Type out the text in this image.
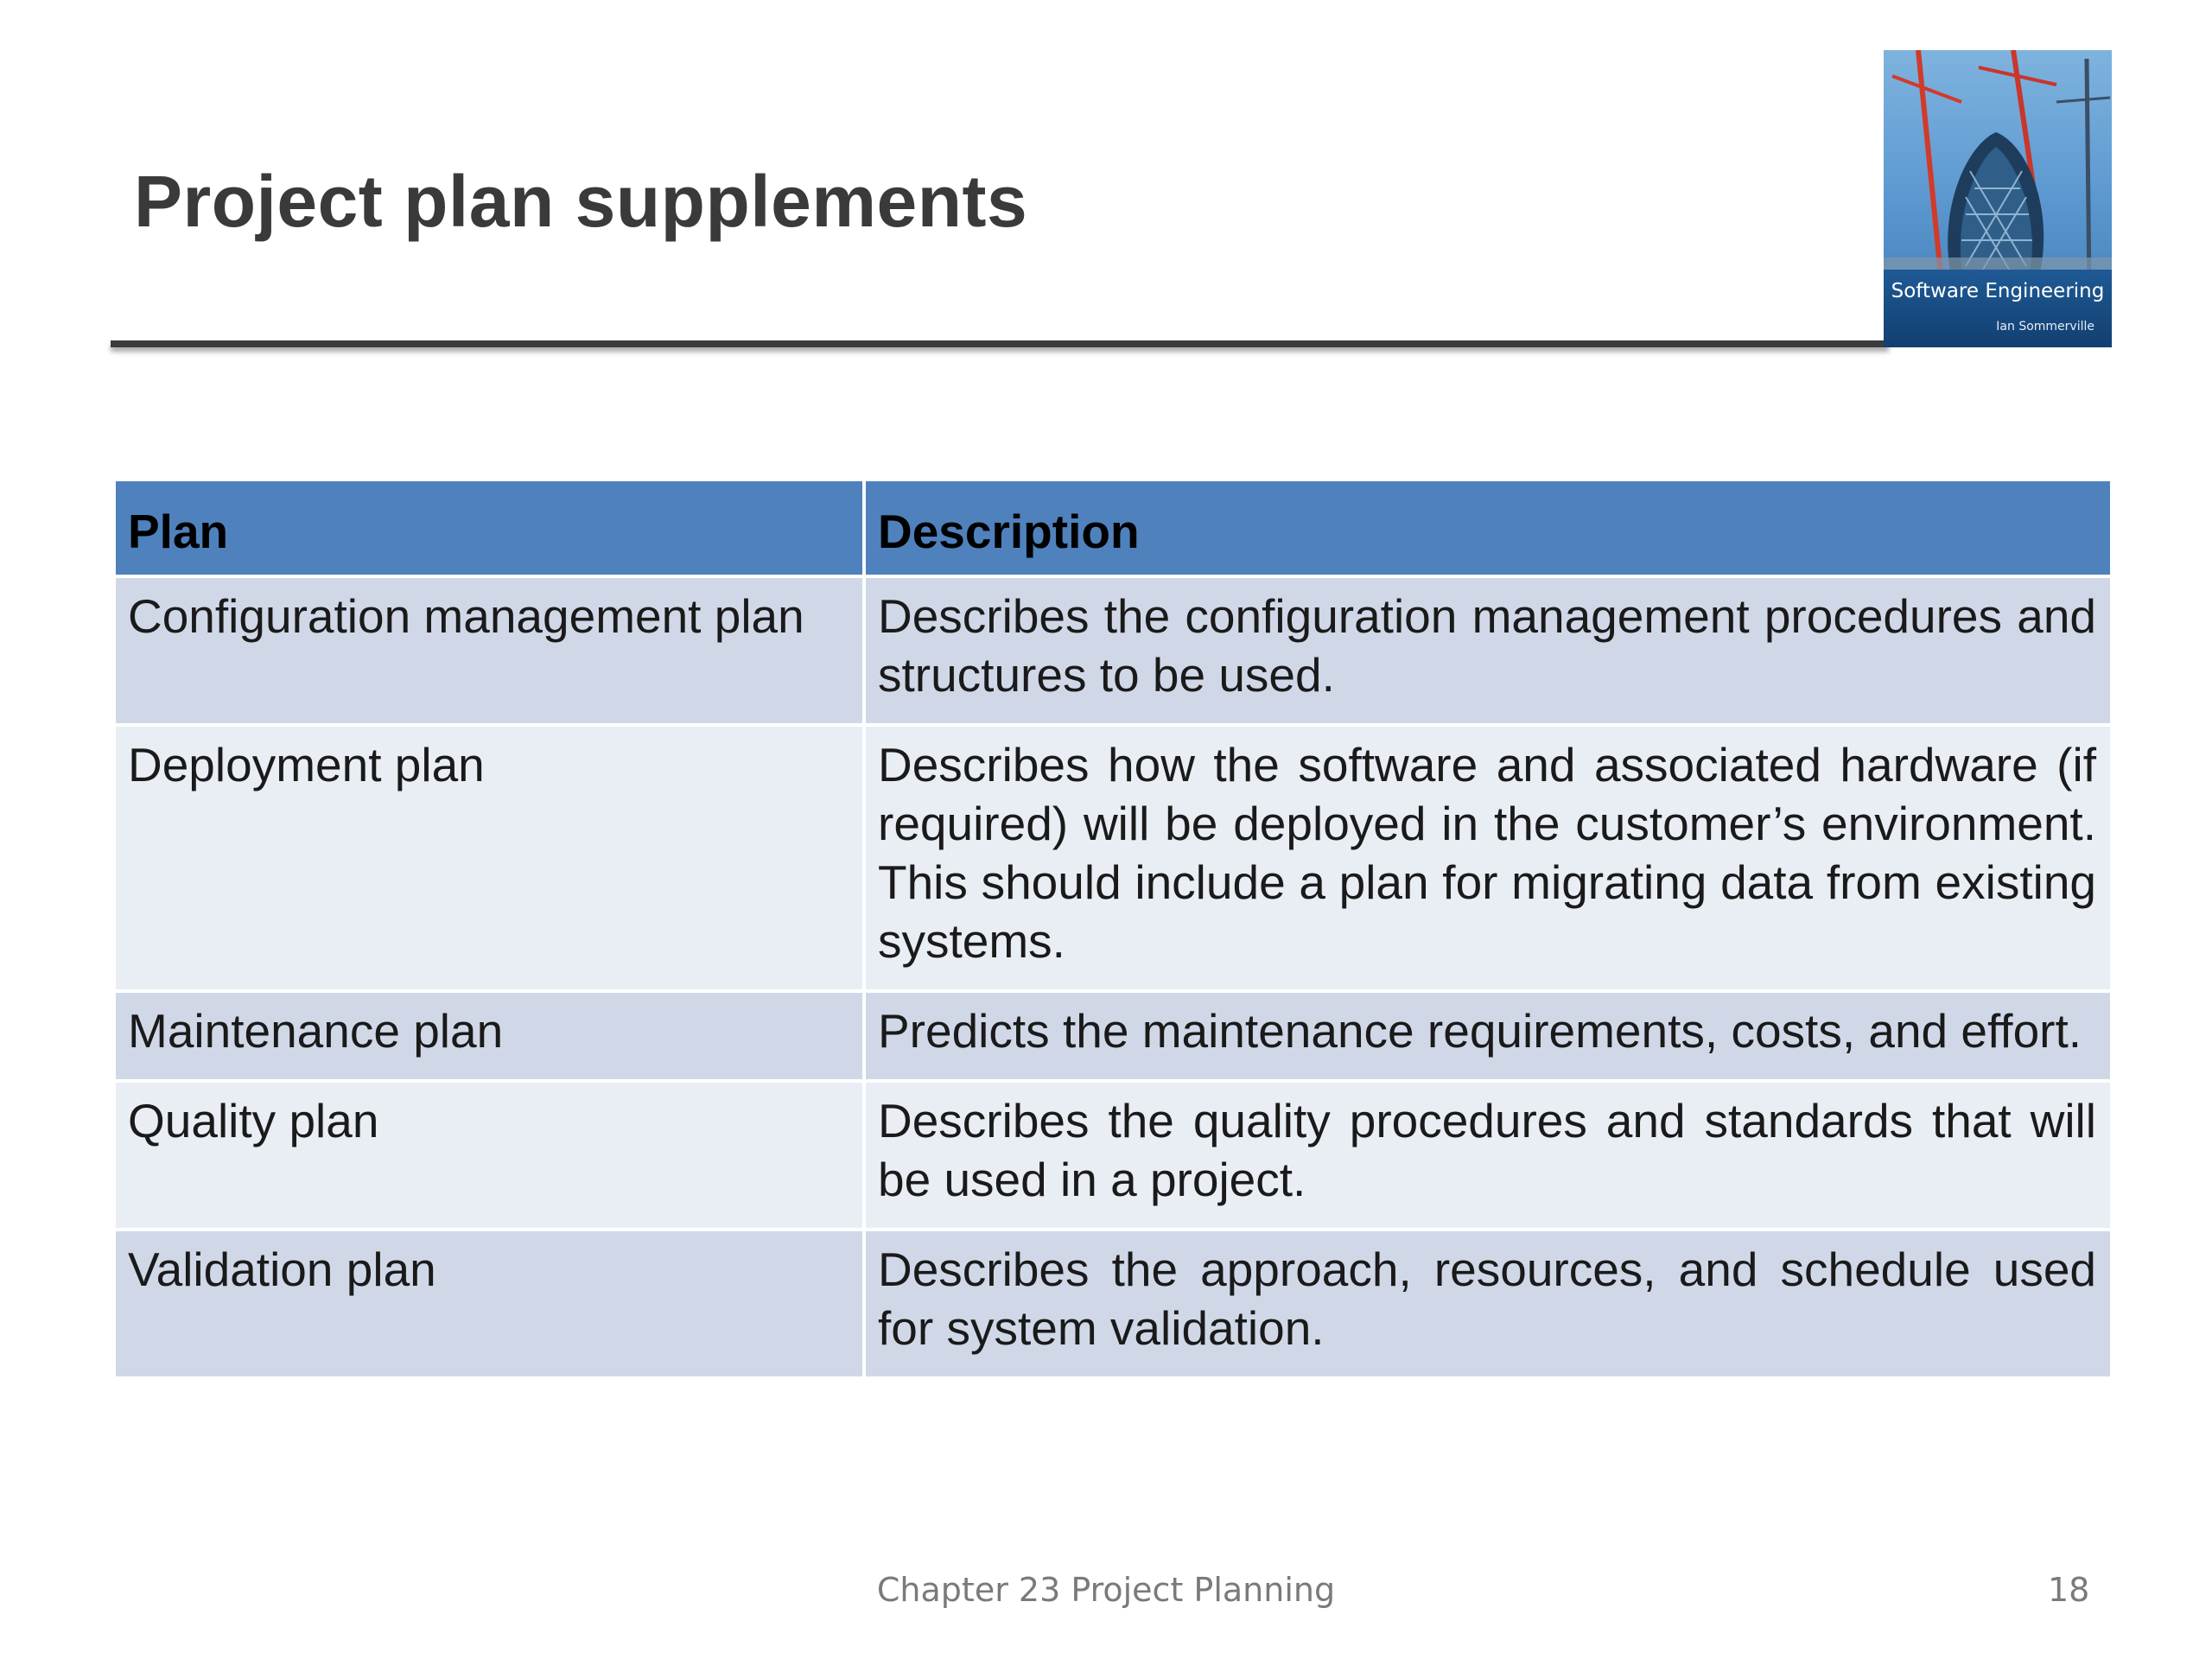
Project plan supplements
Software Engineering
Ian Sommerville
Plan	Description
Configuration management plan	Describes the configuration management procedures and structures to be used.
Deployment plan	Describes how the software and associated hardware (if required) will be deployed in the customer’s environment. This should include a plan for migrating data from existing systems.
Maintenance plan	Predicts the maintenance requirements, costs, and effort.
Quality plan	Describes the quality procedures and standards that will be used in a project.
Validation plan	Describes the approach, resources, and schedule used for system validation.
Chapter 23 Project Planning	18
